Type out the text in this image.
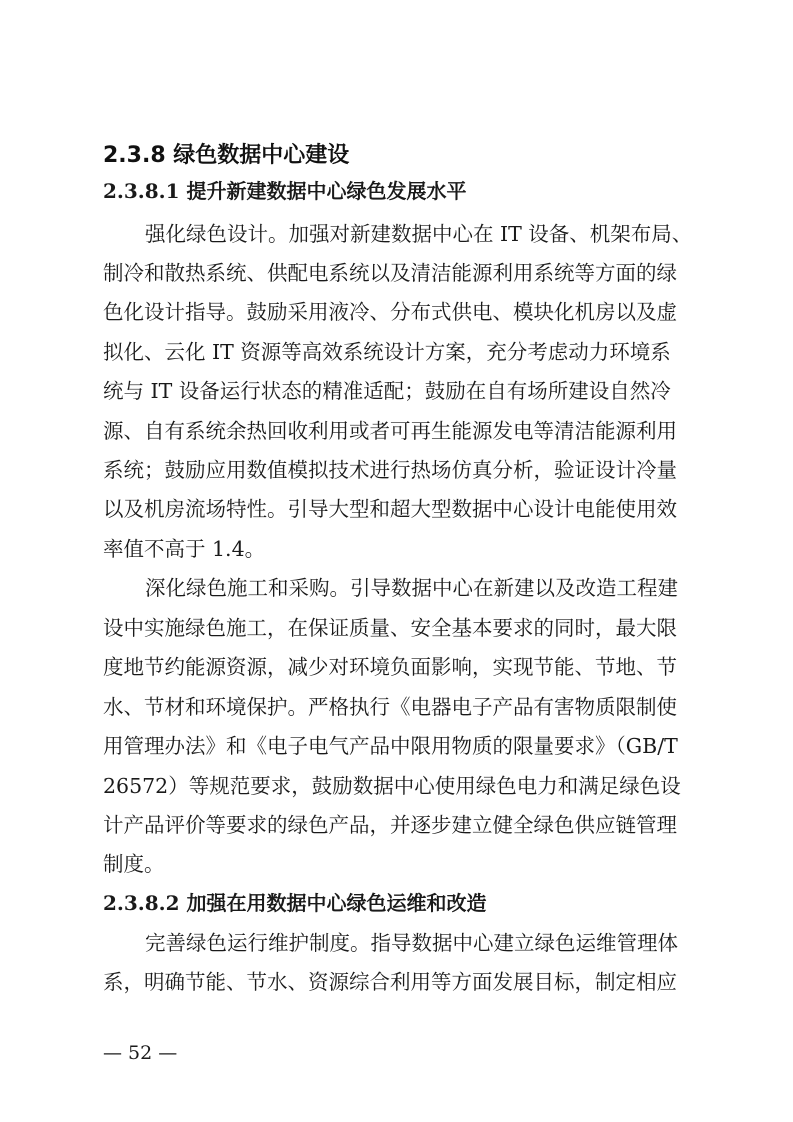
2.3.8 绿色数据中心建设
2.3.8.1 提升新建数据中心绿色发展水平

强化绿色设计。加强对新建数据中心在 IT 设备、机架布局、

制冷和散热系统、供配电系统以及清洁能源利用系统等方面的绿

色化设计指导。鼓励采用液冷、分布式供电、模块化机房以及虚

拟化、云化 IT 资源等高效系统设计方案，充分考虑动力环境系

统与 IT 设备运行状态的精准适配；鼓励在自有场所建设自然冷

源、自有系统余热回收利用或者可再生能源发电等清洁能源利用

系统；鼓励应用数值模拟技术进行热场仿真分析，验证设计冷量

以及机房流场特性。引导大型和超大型数据中心设计电能使用效

率值不高于 1.4。

深化绿色施工和采购。引导数据中心在新建以及改造工程建

设中实施绿色施工，在保证质量、安全基本要求的同时，最大限

度地节约能源资源，减少对环境负面影响，实现节能、节地、节

水、节材和环境保护。严格执行《电器电子产品有害物质限制使

用管理办法》和《电子电气产品中限用物质的限量要求》（GB/T

26572）等规范要求，鼓励数据中心使用绿色电力和满足绿色设

计产品评价等要求的绿色产品，并逐步建立健全绿色供应链管理

制度。

2.3.8.2 加强在用数据中心绿色运维和改造

完善绿色运行维护制度。指导数据中心建立绿色运维管理体

系，明确节能、节水、资源综合利用等方面发展目标，制定相应

— 52 —
